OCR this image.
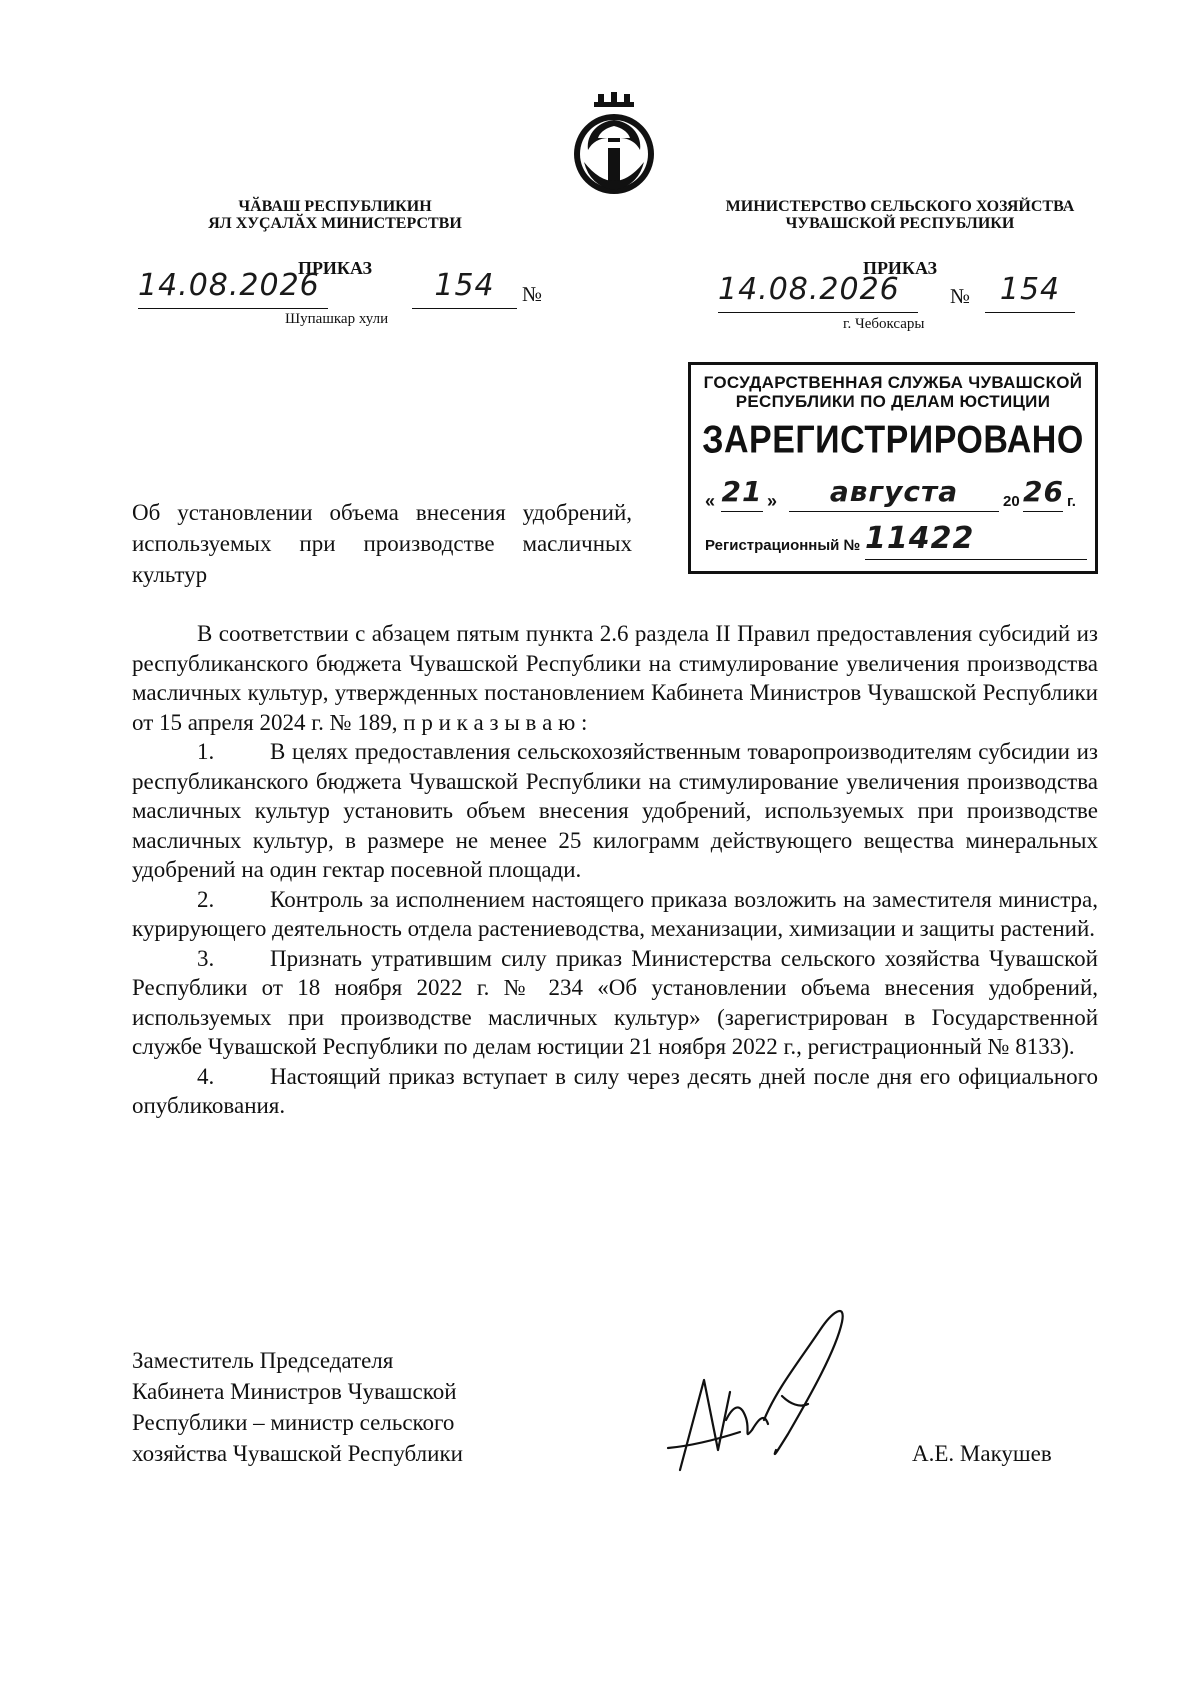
ЧӐВАШ РЕСПУБЛИКИН
ЯЛ ХУҪАЛӐХ МИНИСТЕРСТВИ
ПРИКАЗ
14.08.2026	154	№
Шупашкар хули
МИНИСТЕРСТВО СЕЛЬСКОГО ХОЗЯЙСТВА
ЧУВАШСКОЙ РЕСПУБЛИКИ
ПРИКАЗ
14.08.2026	№ 154
г. Чебоксары
ГОСУДАРСТВЕННАЯ СЛУЖБА ЧУВАШСКОЙ
РЕСПУБЛИКИ ПО ДЕЛАМ ЮСТИЦИИ
ЗАРЕГИСТРИРОВАНО
« 21 »	августа	20 26 г.
Регистрационный № 11422
Об установлении объема внесения удобрений, используемых при производстве масличных культур

В соответствии с абзацем пятым пункта 2.6 раздела II Правил предоставления субсидий из республиканского бюджета Чувашской Республики на стимулирование увеличения производства масличных культур, утвержденных постановлением Кабинета Министров Чувашской Республики от 15 апреля 2024 г. № 189, п р и к а з ы в а ю :

1. В целях предоставления сельскохозяйственным товаропроизводителям субсидии из республиканского бюджета Чувашской Республики на стимулирование увеличения производства масличных культур установить объем внесения удобрений, используемых при производстве масличных культур, в размере не менее 25 килограмм действующего вещества минеральных удобрений на один гектар посевной площади.

2. Контроль за исполнением настоящего приказа возложить на заместителя министра, курирующего деятельность отдела растениеводства, механизации, химизации и защиты растений.

3. Признать утратившим силу приказ Министерства сельского хозяйства Чувашской Республики от 18 ноября 2022 г. № 234 «Об установлении объема внесения удобрений, используемых при производстве масличных культур» (зарегистрирован в Государственной службе Чувашской Республики по делам юстиции 21 ноября 2022 г., регистрационный № 8133).

4. Настоящий приказ вступает в силу через десять дней после дня его официального опубликования.

Заместитель Председателя
Кабинета Министров Чувашской
Республики – министр сельского
хозяйства Чувашской Республики	А.Е. Макушев
